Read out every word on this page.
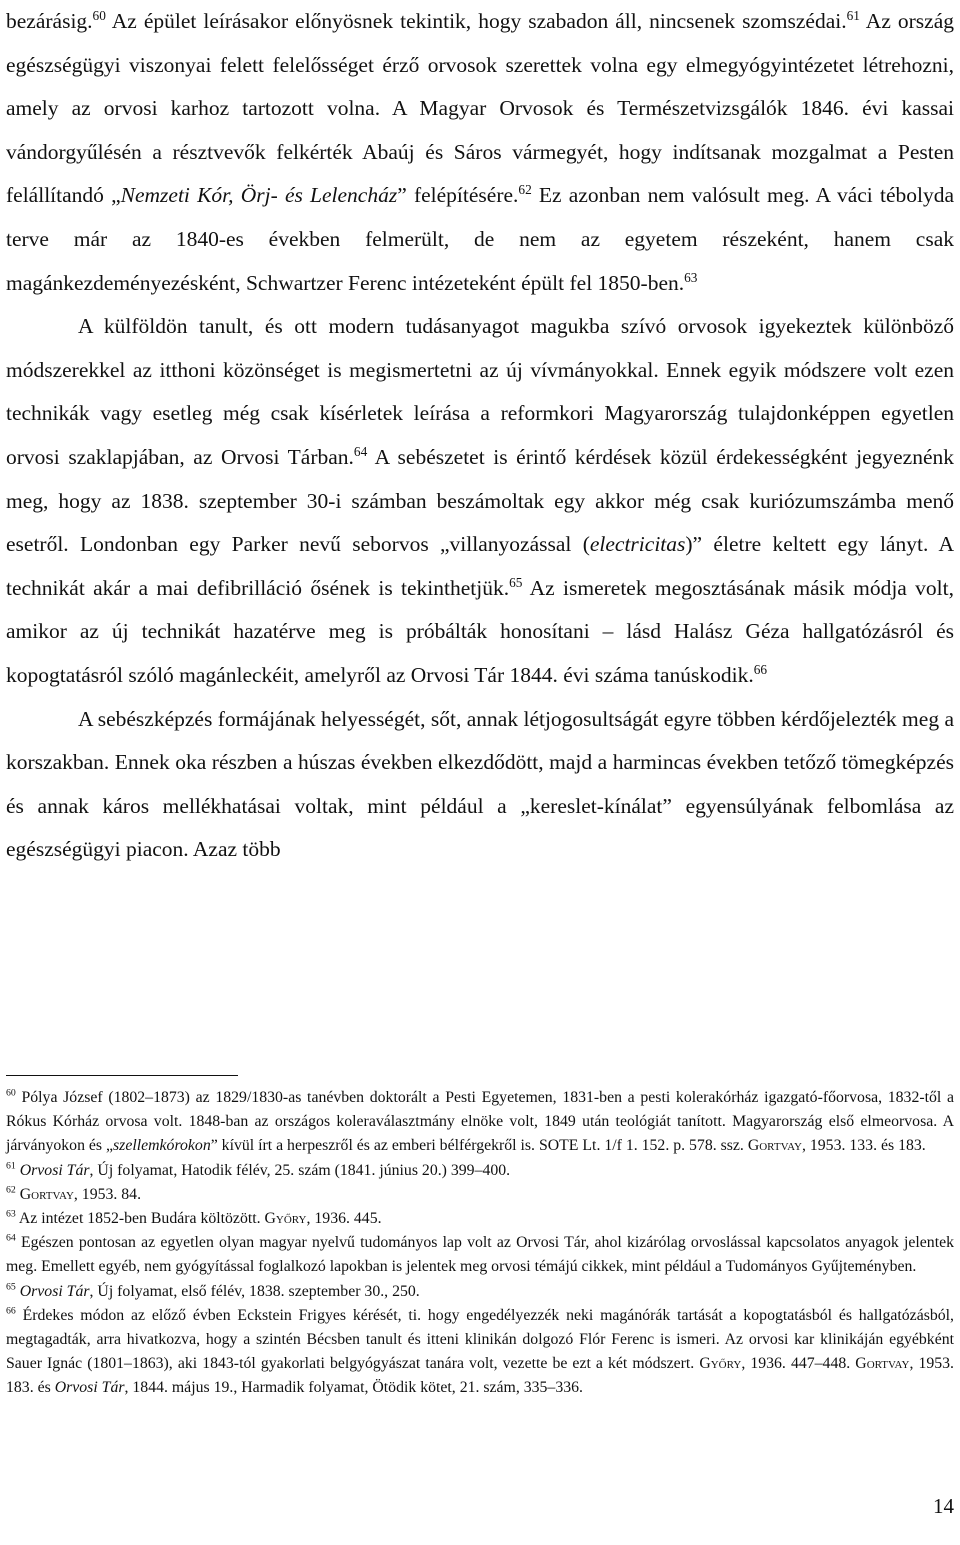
bezárásig.$^{60}$ Az épület leírásakor előnyösnek tekintik, hogy szabadon áll, nincsenek szomszédai.$^{61}$ Az ország egészségügyi viszonyai felett felelősséget érző orvosok szerettek volna egy elmegyógyintézetet létrehozni, amely az orvosi karhoz tartozott volna. A Magyar Orvosok és Természetvizsgálók 1846. évi kassai vándorgyűlésén a résztvevők felkérték Abaúj és Sáros vármegyét, hogy indítsanak mozgalmat a Pesten felállítandó „Nemzeti Kór, Örj- és Lelencház” felépítésére.$^{62}$ Ez azonban nem valósult meg. A váci tébolyda terve már az 1840-es években felmerült, de nem az egyetem részeként, hanem csak magánkezdeményezésként, Schwartzer Ferenc intézeteként épült fel 1850-ben.$^{63}$

A külföldön tanult, és ott modern tudásanyagot magukba szívó orvosok igyekeztek különböző módszerekkel az itthoni közönséget is megismertetni az új vívmányokkal. Ennek egyik módszere volt ezen technikák vagy esetleg még csak kísérletek leírása a reformkori Magyarország tulajdonképpen egyetlen orvosi szaklapjában, az Orvosi Tárban.$^{64}$ A sebészetet is érintő kérdések közül érdekességként jegyeznénk meg, hogy az 1838. szeptember 30-i számban beszámoltak egy akkor még csak kuriózumszámba menő esetről. Londonban egy Parker nevű seborvos „villanyozással (electricitas)” életre keltett egy lányt. A technikát akár a mai defibrilláció ősének is tekinthetjük.$^{65}$ Az ismeretek megosztásának másik módja volt, amikor az új technikát hazatérve meg is próbálták honosítani – lásd Halász Géza hallgatózásról és kopogtatásról szóló magánleckéit, amelyről az Orvosi Tár 1844. évi száma tanúskodik.$^{66}$

A sebészképzés formájának helyességét, sőt, annak létjogosultságát egyre többen kérdőjelezték meg a korszakban. Ennek oka részben a húszas években elkezdődött, majd a harmincas években tetőző tömegképzés és annak káros mellékhatásai voltak, mint például a „kereslet-kínálat” egyensúlyának felbomlása az egészségügyi piacon. Azaz több

$^{60}$ Pólya József (1802–1873) az 1829/1830-as tanévben doktorált a Pesti Egyetemen, 1831-ben a pesti kolerakórház igazgató-főorvosa, 1832-től a Rókus Kórház orvosa volt. 1848-ban az országos koleraválasztmány elnöke volt, 1849 után teológiát tanított. Magyarország első elmeorvosa. A járványokon és „szellemkórokon” kívül írt a herpeszről és az emberi bélférgekről is. SOTE Lt. 1/f 1. 152. p. 578. ssz. Gortvay, 1953. 133. és 183.

$^{61}$ Orvosi Tár, Új folyamat, Hatodik félév, 25. szám (1841. június 20.) 399–400.

$^{62}$ Gortvay, 1953. 84.

$^{63}$ Az intézet 1852-ben Budára költözött. Győry, 1936. 445.

$^{64}$ Egészen pontosan az egyetlen olyan magyar nyelvű tudományos lap volt az Orvosi Tár, ahol kizárólag orvoslással kapcsolatos anyagok jelentek meg. Emellett egyéb, nem gyógyítással foglalkozó lapokban is jelentek meg orvosi témájú cikkek, mint például a Tudományos Gyűjteményben.

$^{65}$ Orvosi Tár, Új folyamat, első félév, 1838. szeptember 30., 250.

$^{66}$ Érdekes módon az előző évben Eckstein Frigyes kérését, ti. hogy engedélyezzék neki magánórák tartását a kopogtatásból és hallgatózásból, megtagadták, arra hivatkozva, hogy a szintén Bécsben tanult és itteni klinikán dolgozó Flór Ferenc is ismeri. Az orvosi kar klinikáján egyébként Sauer Ignác (1801–1863), aki 1843-tól gyakorlati belgyógyászat tanára volt, vezette be ezt a két módszert. Győry, 1936. 447–448. Gortvay, 1953. 183. és Orvosi Tár, 1844. május 19., Harmadik folyamat, Ötödik kötet, 21. szám, 335–336.

14
